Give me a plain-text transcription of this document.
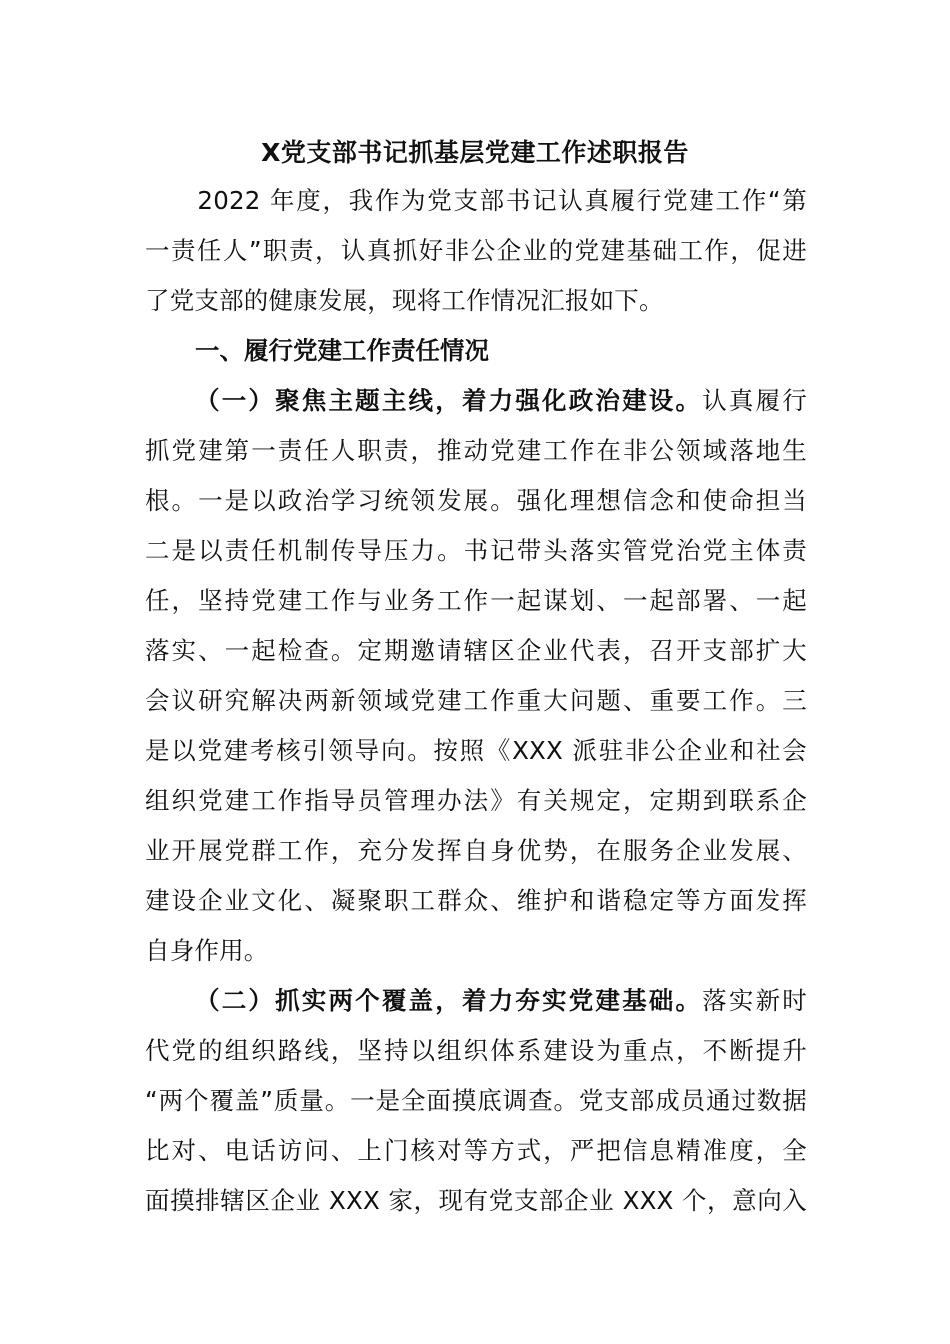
X党支部书记抓基层党建工作述职报告
　　2022 年度，我作为党支部书记认真履行党建工作“第
一责任人”职责，认真抓好非公企业的党建基础工作，促进
了党支部的健康发展，现将工作情况汇报如下。
一、履行党建工作责任情况
（一）聚焦主题主线，着力强化政治建设。认真履行
抓党建第一责任人职责，推动党建工作在非公领域落地生
根。一是以政治学习统领发展。强化理想信念和使命担当
二是以责任机制传导压力。书记带头落实管党治党主体责
任，坚持党建工作与业务工作一起谋划、一起部署、一起
落实、一起检查。定期邀请辖区企业代表，召开支部扩大
会议研究解决两新领域党建工作重大问题、重要工作。三
是以党建考核引领导向。按照《XXX 派驻非公企业和社会
组织党建工作指导员管理办法》有关规定，定期到联系企
业开展党群工作，充分发挥自身优势，在服务企业发展、
建设企业文化、凝聚职工群众、维护和谐稳定等方面发挥
自身作用。
（二）抓实两个覆盖，着力夯实党建基础。落实新时
代党的组织路线，坚持以组织体系建设为重点，不断提升
“两个覆盖”质量。一是全面摸底调查。党支部成员通过数据
比对、电话访问、上门核对等方式，严把信息精准度，全
面摸排辖区企业 XXX 家，现有党支部企业 XXX 个，意向入
